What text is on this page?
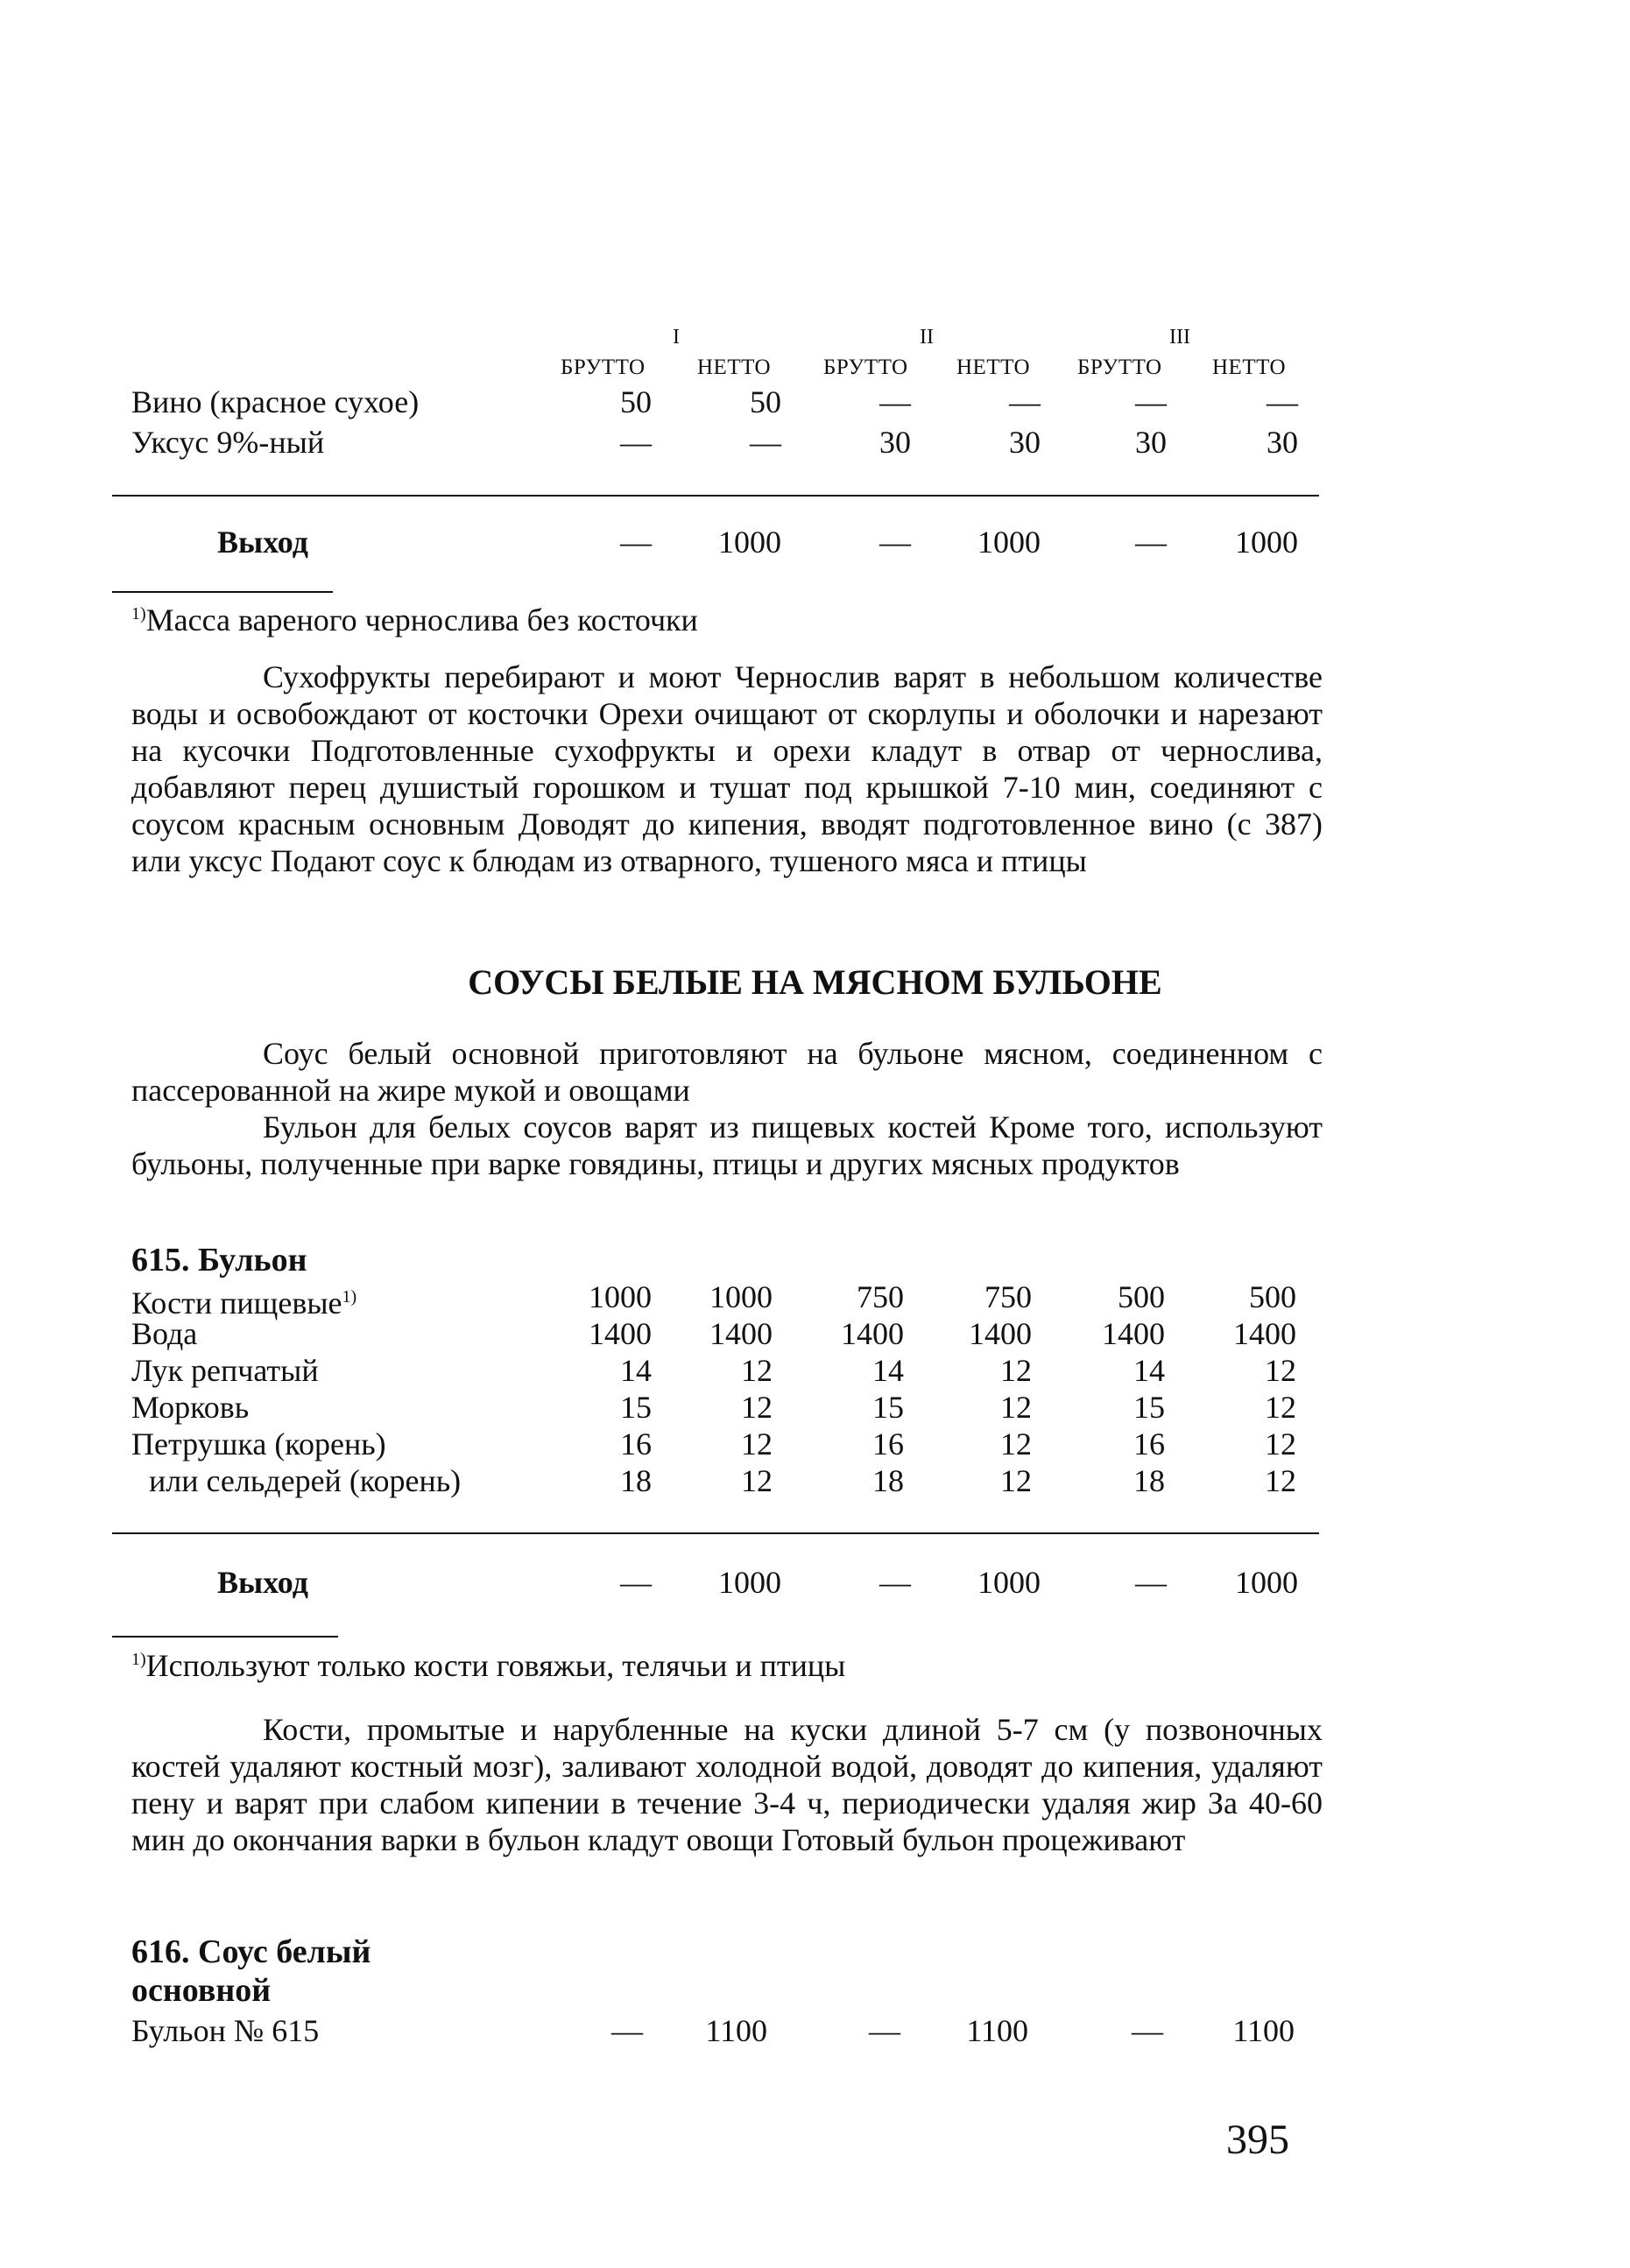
I	II	III
БРУТТО НЕТТО БРУТТО НЕТТО БРУТТО НЕТТО
Вино (красное сухое)	50	50	—	—	—	—
Уксус 9%-ный	—	—	30	30	30	30
Выход	—	1000	—	1000	—	1000
$^{1)}$Масса вареного чернослива без косточки

Сухофрукты перебирают и моют Чернослив варят в небольшом количестве воды и освобождают от косточки Орехи очищают от скорлупы и оболочки и нарезают на кусочки Подготовленные сухофрукты и орехи кладут в отвар от чернослива, добавляют перец душистый горошком и тушат под крышкой 7-10 мин, соединяют с соусом красным основным Доводят до кипения, вводят подготовленное вино (с 387) или уксус Подают соус к блюдам из отварного, тушеного мяса и птицы

СОУСЫ БЕЛЫЕ НА МЯСНОМ БУЛЬОНЕ

Соус белый основной приготовляют на бульоне мясном, соединенном с пассерованной на жире мукой и овощами

Бульон для белых соусов варят из пищевых костей Кроме того, используют бульоны, полученные при варке говядины, птицы и других мясных продуктов

615. Бульон
Кости пищевые$^{1)}$	1000	1000	750	750	500	500
Вода	1400	1400	1400	1400	1400	1400
Лук репчатый	14	12	14	12	14	12
Морковь	15	12	15	12	15	12
Петрушка (корень)	16	12	16	12	16	12
или сельдерей (корень)	18	12	18	12	18	12
Выход	—	1000	—	1000	—	1000
$^{1)}$Используют только кости говяжьи, телячьи и птицы

Кости, промытые и нарубленные на куски длиной 5-7 см (у позвоночных костей удаляют костный мозг), заливают холодной водой, доводят до кипения, удаляют пену и варят при слабом кипении в течение 3-4 ч, периодически удаляя жир За 40-60 мин до окончания варки в бульон кладут овощи Готовый бульон процеживают

616. Соус белый
основной
Бульон № 615	—	1100	—	1100	—	1100
395
